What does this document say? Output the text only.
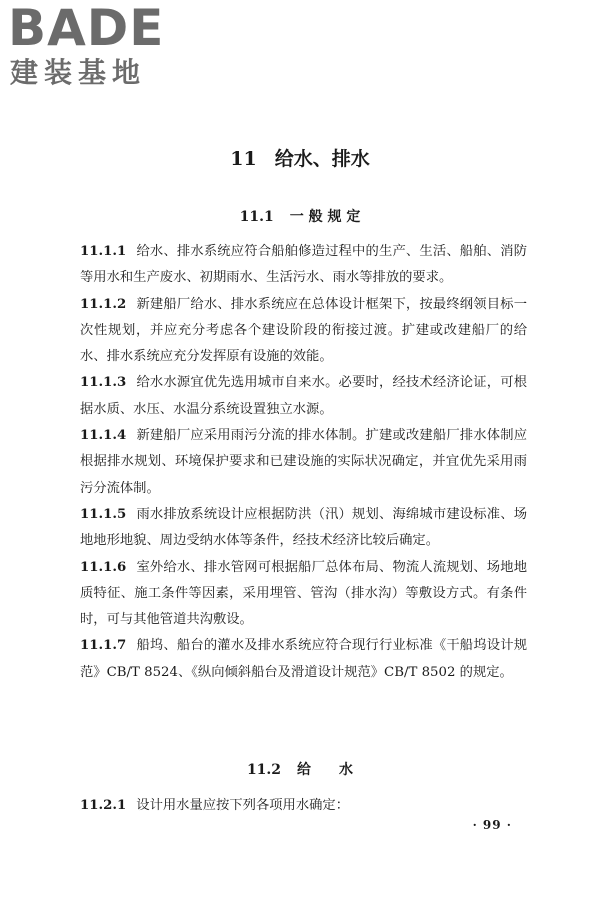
BADE
建装基地
11 给水、排水
11.1 一 般 规 定

11.1.1 给水、排水系统应符合船舶修造过程中的生产、生活、船舶、消防等用水和生产废水、初期雨水、生活污水、雨水等排放的要求。

11.1.2 新建船厂给水、排水系统应在总体设计框架下，按最终纲领目标一次性规划，并应充分考虑各个建设阶段的衔接过渡。扩建或改建船厂的给水、排水系统应充分发挥原有设施的效能。

11.1.3 给水水源宜优先选用城市自来水。必要时，经技术经济论证，可根据水质、水压、水温分系统设置独立水源。

11.1.4 新建船厂应采用雨污分流的排水体制。扩建或改建船厂排水体制应根据排水规划、环境保护要求和已建设施的实际状况确定，并宜优先采用雨污分流体制。

11.1.5 雨水排放系统设计应根据防洪（汛）规划、海绵城市建设标准、场地地形地貌、周边受纳水体等条件，经技术经济比较后确定。

11.1.6 室外给水、排水管网可根据船厂总体布局、物流人流规划、场地地质特征、施工条件等因素，采用埋管、管沟（排水沟）等敷设方式。有条件时，可与其他管道共沟敷设。

11.1.7 船坞、船台的灌水及排水系统应符合现行行业标准《干船坞设计规范》CB/T 8524、《纵向倾斜船台及滑道设计规范》CB/T 8502 的规定。

11.2 给　　水
11.2.1 设计用水量应按下列各项用水确定：
· 99 ·
